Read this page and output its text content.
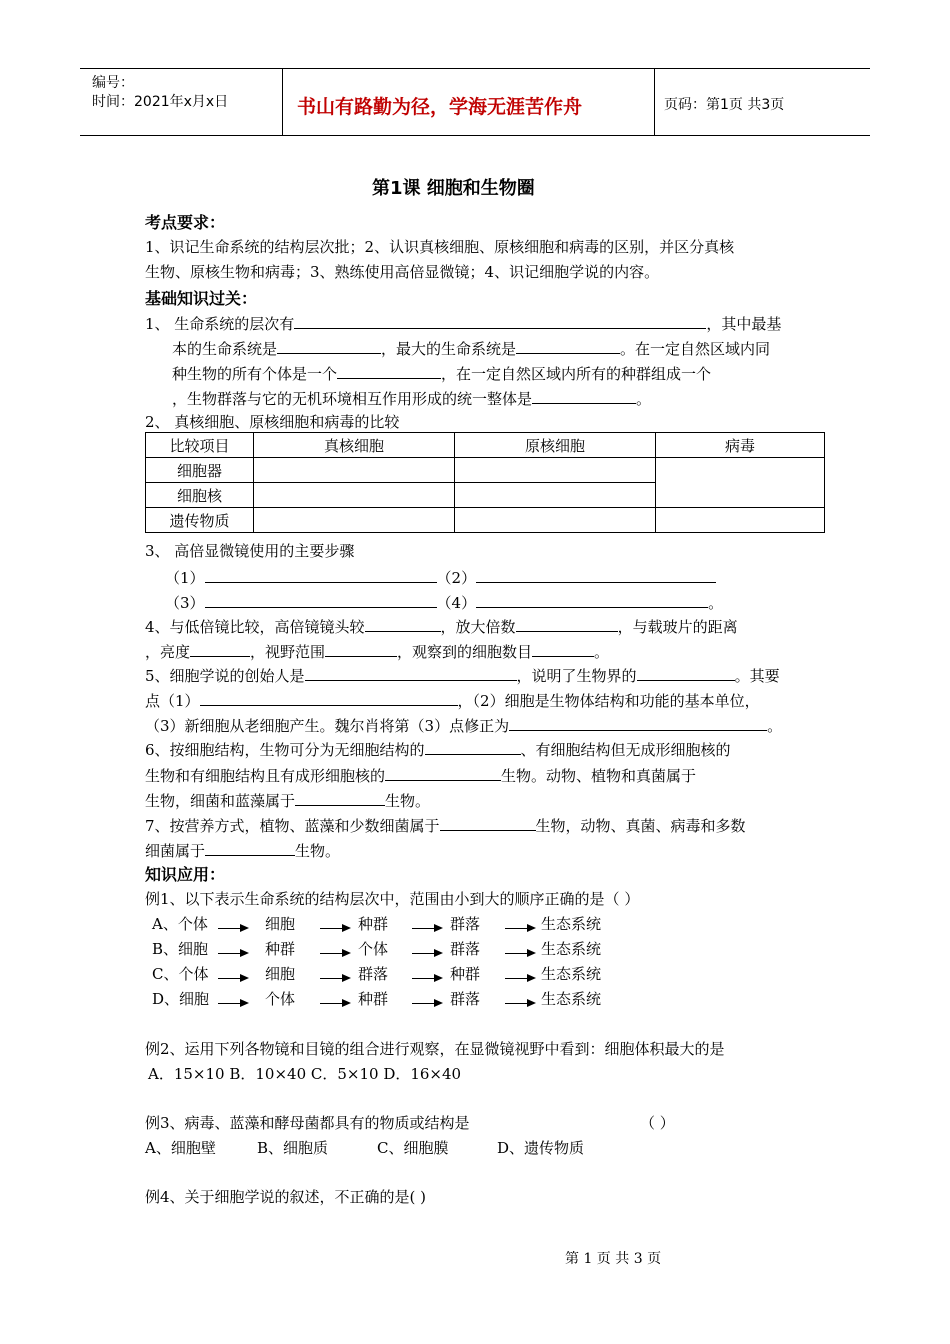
编号：
时间：2021年x月x日	书山有路勤为径，学海无涯苦作舟	页码：第1页 共3页
第1课 细胞和生物圈
考点要求：
1、识记生命系统的结构层次批；2、认识真核细胞、原核细胞和病毒的区别，并区分真核
生物、原核生物和病毒；3、熟练使用高倍显微镜；4、识记细胞学说的内容。
基础知识过关：
1、 生命系统的层次有	，其中最基
本的生命系统是	，最大的生命系统是	。在一定自然区域内同
种生物的所有个体是一个	，在一定自然区域内所有的种群组成一个
，生物群落与它的无机环境相互作用形成的统一整体是	。
2、 真核细胞、原核细胞和病毒的比较
比较项目	真核细胞	原核细胞	病毒
细胞器			
细胞核			
遗传物质			
3、 高倍显微镜使用的主要步骤
（1）	（2）
（3）	（4）	。
4、与低倍镜比较，高倍镜镜头较	，放大倍数	，与载玻片的距离
，亮度	，视野范围	，观察到的细胞数目	。
5、细胞学说的创始人是	，说明了生物界的	。其要
点（1）	，（2）细胞是生物体结构和功能的基本单位，
（3）新细胞从老细胞产生。魏尔肖将第（3）点修正为	。
6、按细胞结构，生物可分为无细胞结构的	、有细胞结构但无成形细胞核的
生物和有细胞结构且有成形细胞核的	生物。动物、植物和真菌属于
生物，细菌和蓝藻属于	生物。
7、按营养方式，植物、蓝藻和少数细菌属于	生物，动物、真菌、病毒和多数
细菌属于	生物。
知识应用：
例1、以下表示生命系统的结构层次中，范围由小到大的顺序正确的是（ ）
A、个体	细胞	种群	群落	生态系统
B、细胞	种群	个体	群落	生态系统
C、个体	细胞	群落	种群	生态系统
D、细胞	个体	种群	群落	生态系统
例2、运用下列各物镜和目镜的组合进行观察，在显微镜视野中看到：细胞体积最大的是
A．15×10 B．10×40 C．5×10 D．16×40
例3、病毒、蓝藻和酵母菌都具有的物质或结构是	（ ）
A、细胞壁	B、细胞质	C、细胞膜	D、遗传物质
例4、关于细胞学说的叙述，不正确的是( )
第 1 页 共 3 页
